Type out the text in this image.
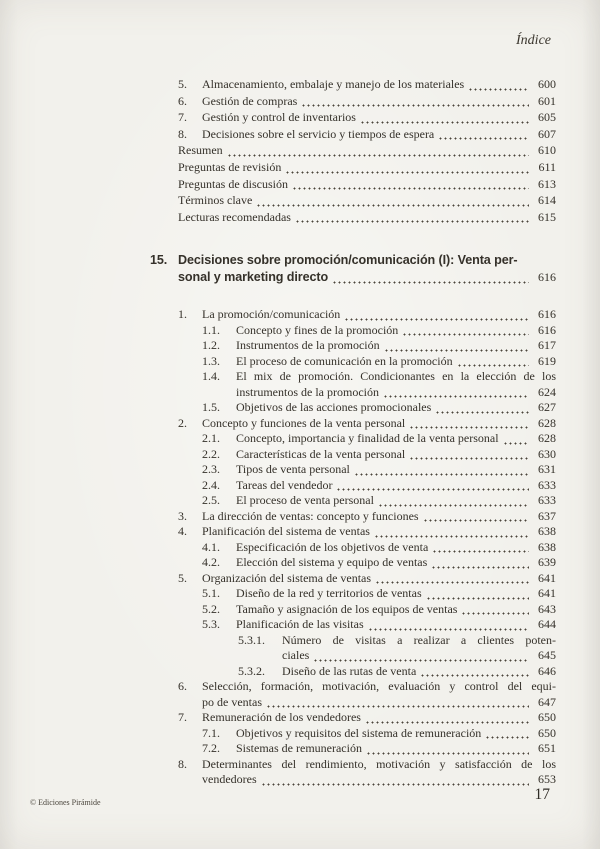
Índice
5.	Almacenamiento, embalaje y manejo de los materiales	600
6.	Gestión de compras	601
7.	Gestión y control de inventarios	605
8.	Decisiones sobre el servicio y tiempos de espera	607
Resumen	610
Preguntas de revisión	611
Preguntas de discusión	613
Términos clave	614
Lecturas recomendadas	615
15. Decisiones sobre promoción/comunicación (I): Venta per-
sonal y marketing directo	616
1.	La promoción/comunicación	616
1.1.	Concepto y fines de la promoción	616
1.2.	Instrumentos de la promoción	617
1.3.	El proceso de comunicación en la promoción	619
1.4.	El mix de promoción. Condicionantes en la elección de los
instrumentos de la promoción	624
1.5.	Objetivos de las acciones promocionales	627
2.	Concepto y funciones de la venta personal	628
2.1.	Concepto, importancia y finalidad de la venta personal	628
2.2.	Características de la venta personal	630
2.3.	Tipos de venta personal	631
2.4.	Tareas del vendedor	633
2.5.	El proceso de venta personal	633
3.	La dirección de ventas: concepto y funciones	637
4.	Planificación del sistema de ventas	638
4.1.	Especificación de los objetivos de venta	638
4.2.	Elección del sistema y equipo de ventas	639
5.	Organización del sistema de ventas	641
5.1.	Diseño de la red y territorios de ventas	641
5.2.	Tamaño y asignación de los equipos de ventas	643
5.3.	Planificación de las visitas	644
5.3.1.	Número de visitas a realizar a clientes poten-
ciales	645
5.3.2.	Diseño de las rutas de venta	646
6.	Selección, formación, motivación, evaluación y control del equi-
po de ventas	647
7.	Remuneración de los vendedores	650
7.1.	Objetivos y requisitos del sistema de remuneración	650
7.2.	Sistemas de remuneración	651
8.	Determinantes del rendimiento, motivación y satisfacción de los
vendedores	653
© Ediciones Pirámide	17
